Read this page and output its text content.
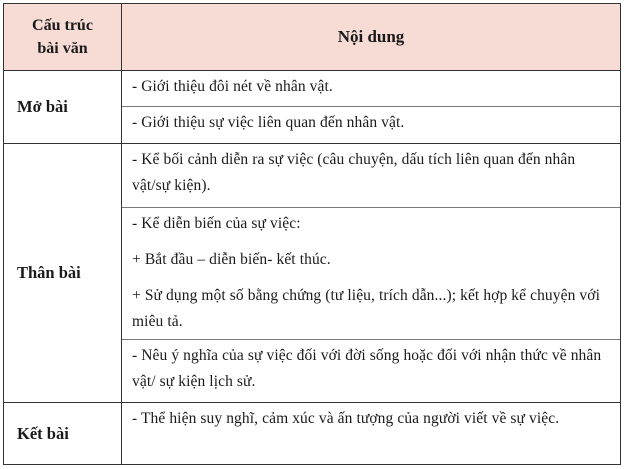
Cấu trúc bài văn
Nội dung
Mở bài

- Giới thiệu đôi nét về nhân vật.

- Giới thiệu sự việc liên quan đến nhân vật.

Thân bài

- Kể bối cảnh diễn ra sự việc (câu chuyện, dấu tích liên quan đến nhân vật/sự kiện).

- Kể diễn biến của sự việc:

+ Bắt đầu – diễn biến- kết thúc.

+ Sử dụng một số bằng chứng (tư liệu, trích dẫn...); kết hợp kể chuyện với miêu tả.

- Nêu ý nghĩa của sự việc đối với đời sống hoặc đối với nhận thức về nhân vật/ sự kiện lịch sử.

Kết bài

- Thể hiện suy nghĩ, cảm xúc và ấn tượng của người viết về sự việc.
